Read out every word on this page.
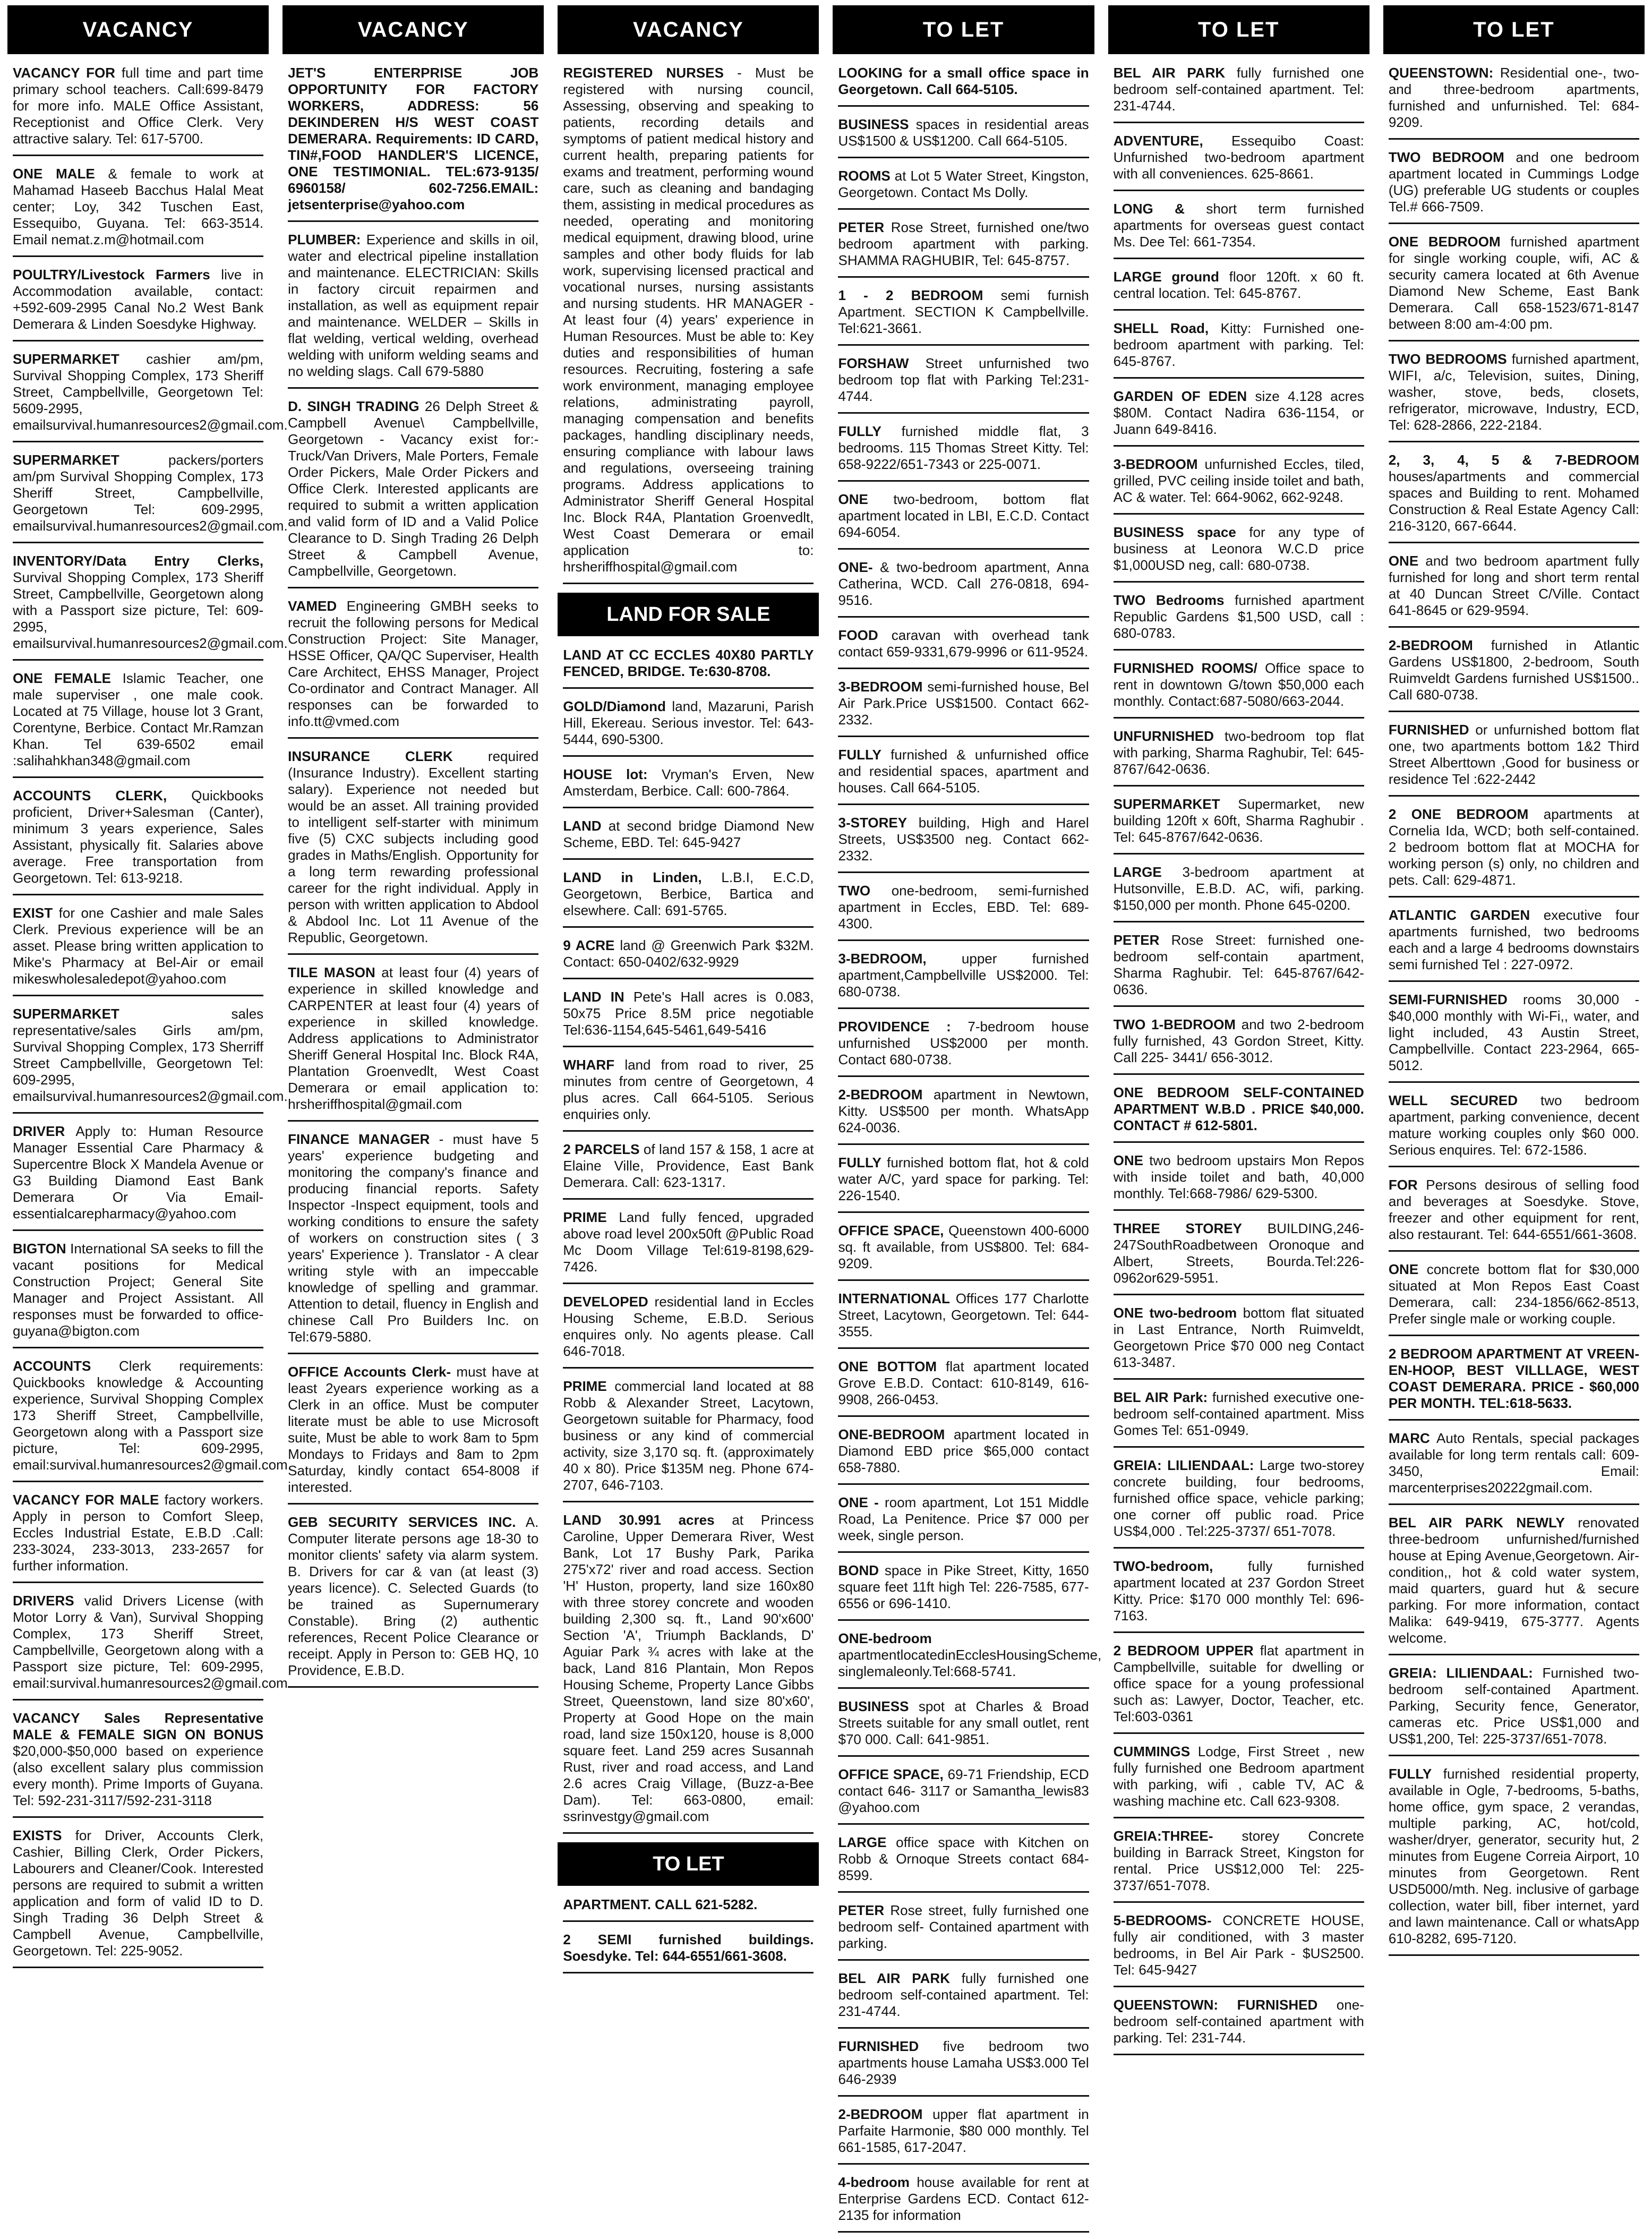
VACANCY
VACANCY FOR full time and part time primary school teachers. Call:699-8479 for more info. MALE Office Assistant, Receptionist and Office Clerk. Very attractive salary. Tel: 617-5700.
ONE MALE & female to work at Mahamad Haseeb Bacchus Halal Meat center; Loy, 342 Tuschen East, Essequibo, Guyana. Tel: 663-3514. Email nemat.z.m@hotmail.com
POULTRY/Livestock Farmers live in Accommodation available, contact: +592-609-2995 Canal No.2 West Bank Demerara & Linden Soesdyke Highway.
SUPERMARKET cashier am/pm, Survival Shopping Complex, 173 Sheriff Street, Campbellville, Georgetown Tel: 5609-2995, emailsurvival.humanresources2@gmail.com.
SUPERMARKET	packers/porters am/pm Survival Shopping Complex, 173 Sheriff Street, Campbellville, Georgetown Tel: 609-2995, emailsurvival.humanresources2@gmail.com.
INVENTORY/Data Entry Clerks, Survival Shopping Complex, 173 Sheriff Street, Campbellville, Georgetown along with a Passport size picture, Tel: 609-2995, emailsurvival.humanresources2@gmail.com.
ONE FEMALE Islamic Teacher, one male superviser , one male cook. Located at 75 Village, house lot 3 Grant, Corentyne, Berbice. Contact Mr.Ramzan Khan. Tel 639-6502 email :salihahkhan348@gmail.com
ACCOUNTS CLERK, Quickbooks proficient, Driver+Salesman (Canter), minimum 3 years experience, Sales Assistant, physically fit. Salaries above average. Free transportation from Georgetown. Tel: 613-9218.
EXIST for one Cashier and male Sales Clerk. Previous experience will be an asset. Please bring written application to Mike's Pharmacy at Bel-Air or email mikeswholesaledepot@yahoo.com
SUPERMARKET	sales representative/sales Girls am/pm, Survival Shopping Complex, 173 Sherriff Street Campbellville, Georgetown Tel: 609-2995, emailsurvival.humanresources2@gmail.com.
DRIVER Apply to: Human Resource Manager Essential Care Pharmacy & Supercentre Block X Mandela Avenue or G3 Building Diamond East Bank Demerara Or Via Email-essentialcarepharmacy@yahoo.com
BIGTON International SA seeks to fill the vacant positions for Medical Construction Project; General Site Manager and Project Assistant. All responses must be forwarded to office-guyana@bigton.com
ACCOUNTS Clerk requirements: Quickbooks knowledge & Accounting experience, Survival Shopping Complex 173 Sheriff Street, Campbellville, Georgetown along with a Passport size picture, Tel: 609-2995, email:survival.humanresources2@gmail.com.
VACANCY FOR MALE factory workers. Apply in person to Comfort Sleep, Eccles Industrial Estate, E.B.D .Call: 233-3024, 233-3013, 233-2657 for further information.
DRIVERS valid Drivers License (with Motor Lorry & Van), Survival Shopping Complex, 173 Sheriff Street, Campbellville, Georgetown along with a Passport size picture, Tel: 609-2995, email:survival.humanresources2@gmail.com.
VACANCY Sales Representative MALE & FEMALE SIGN ON BONUS $20,000-$50,000 based on experience (also excellent salary plus commission every month). Prime Imports of Guyana. Tel: 592-231-3117/592-231-3118
EXISTS for Driver, Accounts Clerk, Cashier, Billing Clerk, Order Pickers, Labourers and Cleaner/Cook. Interested persons are required to submit a written application and form of valid ID to D. Singh Trading 36 Delph Street & Campbell Avenue, Campbellville, Georgetown. Tel: 225-9052.
VACANCY
JET'S ENTERPRISE JOB OPPORTUNITY FOR FACTORY WORKERS, ADDRESS: 56 DEKINDEREN H/S WEST COAST DEMERARA. Requirements: ID CARD, TIN#,FOOD HANDLER'S LICENCE, ONE TESTIMONIAL. TEL:673-9135/ 6960158/ 602-7256.EMAIL: jetsenterprise@yahoo.com
PLUMBER: Experience and skills in oil, water and electrical pipeline installation and maintenance. ELECTRICIAN: Skills in factory circuit repairmen and installation, as well as equipment repair and maintenance. WELDER – Skills in flat welding, vertical welding, overhead welding with uniform welding seams and no welding slags. Call 679-5880
D. SINGH TRADING 26 Delph Street & Campbell Avenue\ Campbellville, Georgetown - Vacancy exist for:-Truck/Van Drivers, Male Porters, Female Order Pickers, Male Order Pickers and Office Clerk. Interested applicants are required to submit a written application and valid form of ID and a Valid Police Clearance to D. Singh Trading 26 Delph Street & Campbell Avenue, Campbellville, Georgetown.
VAMED Engineering GMBH seeks to recruit the following persons for Medical Construction Project: Site Manager, HSSE Officer, QA/QC Superviser, Health Care Architect, EHSS Manager, Project Co-ordinator and Contract Manager. All responses can be forwarded to info.tt@vmed.com
INSURANCE CLERK	required (Insurance Industry). Excellent starting salary). Experience not needed but would be an asset. All training provided to intelligent self-starter with minimum five (5) CXC subjects including good grades in Maths/English. Opportunity for a long term rewarding professional career for the right individual. Apply in person with written application to Abdool & Abdool Inc. Lot 11 Avenue of the Republic, Georgetown.
TILE MASON at least four (4) years of experience in skilled knowledge and CARPENTER at least four (4) years of experience in skilled knowledge. Address applications to Administrator Sheriff General Hospital Inc. Block R4A, Plantation Groenvedlt, West Coast Demerara or email application to: hrsheriffhospital@gmail.com
FINANCE MANAGER - must have 5 years' experience budgeting and monitoring the company's finance and producing financial reports. Safety Inspector -Inspect equipment, tools and working conditions to ensure the safety of workers on construction sites ( 3 years' Experience ). Translator - A clear writing style with an impeccable knowledge of spelling and grammar. Attention to detail, fluency in English and chinese Call Pro Builders Inc. on Tel:679-5880.
OFFICE Accounts Clerk- must have at least 2years experience working as a Clerk in an office. Must be computer literate must be able to use Microsoft suite, Must be able to work 8am to 5pm Mondays to Fridays and 8am to 2pm Saturday, kindly contact 654-8008 if interested.
GEB SECURITY SERVICES INC. A. Computer literate persons age 18-30 to monitor clients' safety via alarm system. B. Drivers for car & van (at least (3) years licence). C. Selected Guards (to be trained as Supernumerary Constable). Bring (2) authentic references, Recent Police Clearance or receipt. Apply in Person to: GEB HQ, 10 Providence, E.B.D.
VACANCY
REGISTERED NURSES - Must be registered with nursing council, Assessing, observing and speaking to patients, recording details and symptoms of patient medical history and current health, preparing patients for exams and treatment, performing wound care, such as cleaning and bandaging them, assisting in medical procedures as needed, operating and monitoring medical equipment, drawing blood, urine samples and other body fluids for lab work, supervising licensed practical and vocational nurses, nursing assistants and nursing students. HR MANAGER - At least four (4) years' experience in Human Resources. Must be able to: Key duties and responsibilities of human resources. Recruiting, fostering a safe work environment, managing employee relations, administrating payroll, managing compensation and benefits packages, handling disciplinary needs, ensuring compliance with labour laws and regulations, overseeing training programs. Address applications to Administrator Sheriff General Hospital Inc. Block R4A, Plantation Groenvedlt, West Coast Demerara or email application to: hrsheriffhospital@gmail.com
LAND FOR SALE
LAND AT CC ECCLES 40X80 PARTLY FENCED, BRIDGE. Te:630-8708.
GOLD/Diamond land, Mazaruni, Parish Hill, Ekereau. Serious investor. Tel: 643-5444, 690-5300.
HOUSE lot: Vryman's Erven, New Amsterdam, Berbice. Call: 600-7864.
LAND at second bridge Diamond New Scheme, EBD. Tel: 645-9427
LAND in Linden, L.B.I, E.C.D, Georgetown, Berbice, Bartica and elsewhere. Call: 691-5765.
9 ACRE land @ Greenwich Park $32M. Contact: 650-0402/632-9929
LAND IN Pete's Hall acres is 0.083, 50x75 Price 8.5M price negotiable Tel:636-1154,645-5461,649-5416
WHARF land from road to river, 25 minutes from centre of Georgetown, 4 plus acres. Call 664-5105. Serious enquiries only.
2 PARCELS of land 157 & 158, 1 acre at Elaine Ville, Providence, East Bank Demerara. Call: 623-1317.
PRIME Land fully fenced, upgraded above road level 200x50ft @Public Road Mc Doom Village Tel:619-8198,629-7426.
DEVELOPED residential land in Eccles Housing Scheme, E.B.D. Serious enquires only. No agents please. Call 646-7018.
PRIME commercial land located at 88 Robb & Alexander Street, Lacytown, Georgetown suitable for Pharmacy, food business or any kind of commercial activity, size 3,170 sq. ft. (approximately 40 x 80). Price $135M neg. Phone 674-2707, 646-7103.
LAND 30.991 acres at Princess Caroline, Upper Demerara River, West Bank, Lot 17 Bushy Park, Parika 275'x72' river and road access. Section 'H' Huston, property, land size 160x80 with three storey concrete and wooden building 2,300 sq. ft., Land 90'x600' Section 'A', Triumph Backlands, D' Aguiar Park ¾ acres with lake at the back, Land 816 Plantain, Mon Repos Housing Scheme, Property Lance Gibbs Street, Queenstown, land size 80'x60', Property at Good Hope on the main road, land size 150x120, house is 8,000 square feet. Land 259 acres Susannah Rust, river and road access, and Land 2.6 acres Craig Village, (Buzz-a-Bee Dam). Tel: 663-0800, email: ssrinvestgy@gmail.com
TO LET
APARTMENT. CALL 621-5282.
2 SEMI furnished buildings. Soesdyke. Tel: 644-6551/661-3608.
TO LET
LOOKING for a small office space in Georgetown. Call 664-5105.
BUSINESS spaces in residential areas US$1500 & US$1200. Call 664-5105.
ROOMS at Lot 5 Water Street, Kingston, Georgetown. Contact Ms Dolly.
PETER Rose Street, furnished one/two bedroom apartment with parking. SHAMMA RAGHUBIR, Tel: 645-8757.
1 - 2 BEDROOM semi furnish Apartment. SECTION K Campbellville. Tel:621-3661.
FORSHAW Street unfurnished two bedroom top flat with Parking Tel:231-4744.
FULLY furnished middle flat, 3 bedrooms. 115 Thomas Street Kitty. Tel: 658-9222/651-7343 or 225-0071.
ONE two-bedroom, bottom flat apartment located in LBI, E.C.D. Contact 694-6054.
ONE- & two-bedroom apartment, Anna Catherina, WCD. Call 276-0818, 694-9516.
FOOD caravan with overhead tank contact 659-9331,679-9996 or 611-9524.
3-BEDROOM semi-furnished house, Bel Air Park.Price US$1500. Contact 662-2332.
FULLY furnished & unfurnished office and residential spaces, apartment and houses. Call 664-5105.
3-STOREY building, High and Harel Streets, US$3500 neg. Contact 662-2332.
TWO one-bedroom, semi-furnished apartment in Eccles, EBD. Tel: 689-4300.
3-BEDROOM,	upper furnished apartment,Campbellville US$2000. Tel: 680-0738.
PROVIDENCE : 7-bedroom house unfurnished US$2000 per month. Contact 680-0738.
2-BEDROOM apartment in Newtown, Kitty. US$500 per month. WhatsApp 624-0036.
FULLY furnished bottom flat, hot & cold water A/C, yard space for parking. Tel: 226-1540.
OFFICE SPACE, Queenstown 400-6000 sq. ft available, from US$800. Tel: 684-9209.
INTERNATIONAL Offices 177 Charlotte Street, Lacytown, Georgetown. Tel: 644-3555.
ONE BOTTOM flat apartment located Grove E.B.D. Contact: 610-8149, 616-9908, 266-0453.
ONE-BEDROOM apartment located in Diamond EBD price $65,000 contact 658-7880.
ONE - room apartment, Lot 151 Middle Road, La Penitence. Price $7 000 per week, single person.
BOND space in Pike Street, Kitty, 1650 square feet 11ft high Tel: 226-7585, 677-6556 or 696-1410.
ONE-bedroom apartmentlocatedinEcclesHousingScheme, singlemaleonly.Tel:668-5741.
BUSINESS spot at Charles & Broad Streets suitable for any small outlet, rent $70 000. Call: 641-9851.
OFFICE SPACE, 69-71 Friendship, ECD contact 646- 3117 or Samantha_lewis83 @yahoo.com
LARGE office space with Kitchen on Robb & Ornoque Streets contact 684-8599.
PETER Rose street, fully furnished one bedroom self- Contained apartment with parking.
BEL AIR PARK fully furnished one bedroom self-contained apartment. Tel: 231-4744.
FURNISHED five bedroom two apartments house Lamaha US$3.000 Tel 646-2939
2-BEDROOM upper flat apartment in Parfaite Harmonie, $80 000 monthly. Tel 661-1585, 617-2047.
4-bedroom house available for rent at Enterprise Gardens ECD. Contact 612-2135 for information
TO LET
BEL AIR PARK fully furnished one bedroom self-contained apartment. Tel: 231-4744.
ADVENTURE, Essequibo Coast: Unfurnished two-bedroom apartment with all conveniences. 625-8661.
LONG & short term furnished apartments for overseas guest contact Ms. Dee Tel: 661-7354.
LARGE ground floor 120ft. x 60 ft. central location. Tel: 645-8767.
SHELL Road, Kitty: Furnished one-bedroom apartment with parking. Tel: 645-8767.
GARDEN OF EDEN size 4.128 acres $80M. Contact Nadira 636-1154, or Juann 649-8416.
3-BEDROOM unfurnished Eccles, tiled, grilled, PVC ceiling inside toilet and bath, AC & water. Tel: 664-9062, 662-9248.
BUSINESS space for any type of business at Leonora W.C.D price $1,000USD neg, call: 680-0738.
TWO Bedrooms furnished apartment Republic Gardens $1,500 USD, call : 680-0783.
FURNISHED ROOMS/ Office space to rent in downtown G/town $50,000 each monthly. Contact:687-5080/663-2044.
UNFURNISHED two-bedroom top flat with parking, Sharma Raghubir, Tel: 645-8767/642-0636.
SUPERMARKET Supermarket, new building 120ft x 60ft, Sharma Raghubir . Tel: 645-8767/642-0636.
LARGE 3-bedroom apartment at Hutsonville, E.B.D. AC, wifi, parking. $150,000 per month. Phone 645-0200.
PETER Rose Street: furnished one-bedroom self-contain apartment, Sharma Raghubir. Tel: 645-8767/642-0636.
TWO 1-BEDROOM and two 2-bedroom fully furnished, 43 Gordon Street, Kitty. Call 225- 3441/ 656-3012.
ONE BEDROOM SELF-CONTAINED APARTMENT W.B.D . PRICE $40,000. CONTACT # 612-5801.
ONE two bedroom upstairs Mon Repos with inside toilet and bath, 40,000 monthly. Tel:668-7986/ 629-5300.
THREE STOREY BUILDING,246-247SouthRoadbetween Oronoque and Albert, Streets, Bourda.Tel:226-0962or629-5951.
ONE two-bedroom bottom flat situated in Last Entrance, North Ruimveldt, Georgetown Price $70 000 neg Contact 613-3487.
BEL AIR Park: furnished executive one-bedroom self-contained apartment. Miss Gomes Tel: 651-0949.
GREIA: LILIENDAAL: Large two-storey concrete building, four bedrooms, furnished office space, vehicle parking; one corner off public road. Price US$4,000 . Tel:225-3737/ 651-7078.
TWO-bedroom,	fully furnished apartment located at 237 Gordon Street Kitty. Price: $170 000 monthly Tel: 696-7163.
2 BEDROOM UPPER flat apartment in Campbellville, suitable for dwelling or office space for a young professional such as: Lawyer, Doctor, Teacher, etc. Tel:603-0361
CUMMINGS Lodge, First Street , new fully furnished one Bedroom apartment with parking, wifi , cable TV, AC & washing machine etc. Call 623-9308.
GREIA:THREE- storey Concrete building in Barrack Street, Kingston for rental. Price US$12,000 Tel: 225-3737/651-7078.
5-BEDROOMS- CONCRETE HOUSE, fully air conditioned, with 3 master bedrooms, in Bel Air Park - $US2500. Tel: 645-9427
QUEENSTOWN: FURNISHED one-bedroom self-contained apartment with parking. Tel: 231-744.
TO LET
QUEENSTOWN: Residential one-, two- and three-bedroom apartments, furnished and unfurnished. Tel: 684-9209.
TWO BEDROOM and one bedroom apartment located in Cummings Lodge (UG) preferable UG students or couples Tel.# 666-7509.
ONE BEDROOM furnished apartment for single working couple, wifi, AC & security camera located at 6th Avenue Diamond New Scheme, East Bank Demerara. Call 658-1523/671-8147 between 8:00 am-4:00 pm.
TWO BEDROOMS furnished apartment, WIFI, a/c, Television, suites, Dining, washer, stove, beds, closets, refrigerator, microwave, Industry, ECD, Tel: 628-2866, 222-2184.
2, 3, 4, 5 & 7-BEDROOM houses/apartments and commercial spaces and Building to rent. Mohamed Construction & Real Estate Agency Call: 216-3120, 667-6644.
ONE and two bedroom apartment fully furnished for long and short term rental at 40 Duncan Street C/Ville. Contact 641-8645 or 629-9594.
2-BEDROOM furnished in Atlantic Gardens US$1800, 2-bedroom, South Ruimveldt Gardens furnished US$1500.. Call 680-0738.
FURNISHED or unfurnished bottom flat one, two apartments bottom 1&2 Third Street Alberttown ,Good for business or residence Tel :622-2442
2 ONE BEDROOM apartments at Cornelia Ida, WCD; both self-contained. 2 bedroom bottom flat at MOCHA for working person (s) only, no children and pets. Call: 629-4871.
ATLANTIC GARDEN executive four apartments furnished, two bedrooms each and a large 4 bedrooms downstairs semi furnished Tel : 227-0972.
SEMI-FURNISHED rooms 30,000 - $40,000 monthly with Wi-Fi,, water, and light included, 43 Austin Street, Campbellville. Contact 223-2964, 665-5012.
WELL SECURED two bedroom apartment, parking convenience, decent mature working couples only $60 000. Serious enquires. Tel: 672-1586.
FOR Persons desirous of selling food and beverages at Soesdyke. Stove, freezer and other equipment for rent, also restaurant. Tel: 644-6551/661-3608.
ONE concrete bottom flat for $30,000 situated at Mon Repos East Coast Demerara, call: 234-1856/662-8513, Prefer single male or working couple.
2 BEDROOM APARTMENT AT VREEN-EN-HOOP, BEST VILLLAGE, WEST COAST DEMERARA. PRICE - $60,000 PER MONTH. TEL:618-5633.
MARC Auto Rentals, special packages available for long term rentals call: 609-3450, Email: marcenterprises20222gmail.com.
BEL AIR PARK NEWLY renovated three-bedroom unfurnished/furnished house at Eping Avenue,Georgetown. Air-condition,, hot & cold water system, maid quarters, guard hut & secure parking. For more information, contact Malika: 649-9419, 675-3777. Agents welcome.
GREIA: LILIENDAAL: Furnished two-bedroom self-contained Apartment. Parking, Security fence, Generator, cameras etc. Price US$1,000 and US$1,200, Tel: 225-3737/651-7078.
FULLY furnished residential property, available in Ogle, 7-bedrooms, 5-baths, home office, gym space, 2 verandas, multiple parking, AC, hot/cold, washer/dryer, generator, security hut, 2 minutes from Eugene Correia Airport, 10 minutes from Georgetown. Rent USD5000/mth. Neg. inclusive of garbage collection, water bill, fiber internet, yard and lawn maintenance. Call or whatsApp 610-8282, 695-7120.
